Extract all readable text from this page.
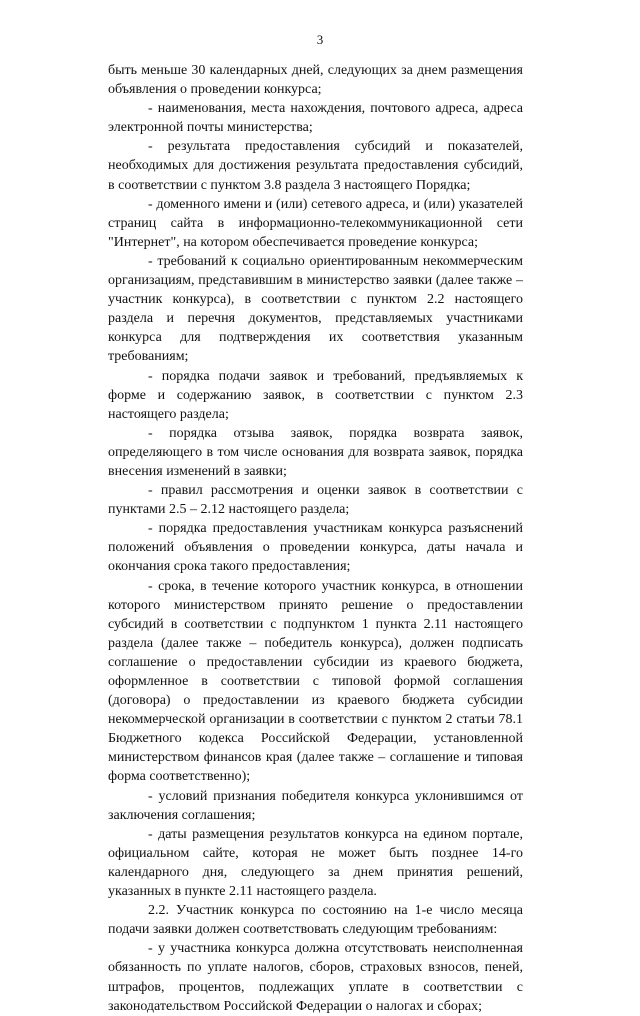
3

быть меньше 30 календарных дней, следующих за днем размещения объявления о проведении конкурса;

- наименования, места нахождения, почтового адреса, адреса электронной почты министерства;

- результата предоставления субсидий и показателей, необходимых для достижения результата предоставления субсидий, в соответствии с пунктом 3.8 раздела 3 настоящего Порядка;

- доменного имени и (или) сетевого адреса, и (или) указателей страниц сайта в информационно-телекоммуникационной сети "Интернет", на котором обеспечивается проведение конкурса;

- требований к социально ориентированным некоммерческим организациям, представившим в министерство заявки (далее также – участник конкурса), в соответствии с пунктом 2.2 настоящего раздела и перечня документов, представляемых участниками конкурса для подтверждения их соответствия указанным требованиям;

- порядка подачи заявок и требований, предъявляемых к форме и содержанию заявок, в соответствии с пунктом 2.3 настоящего раздела;

- порядка отзыва заявок, порядка возврата заявок, определяющего в том числе основания для возврата заявок, порядка внесения изменений в заявки;

- правил рассмотрения и оценки заявок в соответствии с пунктами 2.5 – 2.12 настоящего раздела;

- порядка предоставления участникам конкурса разъяснений положений объявления о проведении конкурса, даты начала и окончания срока такого предоставления;

- срока, в течение которого участник конкурса, в отношении которого министерством принято решение о предоставлении субсидий в соответствии с подпунктом 1 пункта 2.11 настоящего раздела (далее также – победитель конкурса), должен подписать соглашение о предоставлении субсидии из краевого бюджета, оформленное в соответствии с типовой формой соглашения (договора) о предоставлении из краевого бюджета субсидии некоммерческой организации в соответствии с пунктом 2 статьи 78.1 Бюджетного кодекса Российской Федерации, установленной министерством финансов края (далее также – соглашение и типовая форма соответственно);

- условий признания победителя конкурса уклонившимся от заключения соглашения;

- даты размещения результатов конкурса на едином портале, официальном сайте, которая не может быть позднее 14-го календарного дня, следующего за днем принятия решений, указанных в пункте 2.11 настоящего раздела.

2.2. Участник конкурса по состоянию на 1-е число месяца подачи заявки должен соответствовать следующим требованиям:

- у участника конкурса должна отсутствовать неисполненная обязанность по уплате налогов, сборов, страховых взносов, пеней, штрафов, процентов, подлежащих уплате в соответствии с законодательством Российской Федерации о налогах и сборах;
